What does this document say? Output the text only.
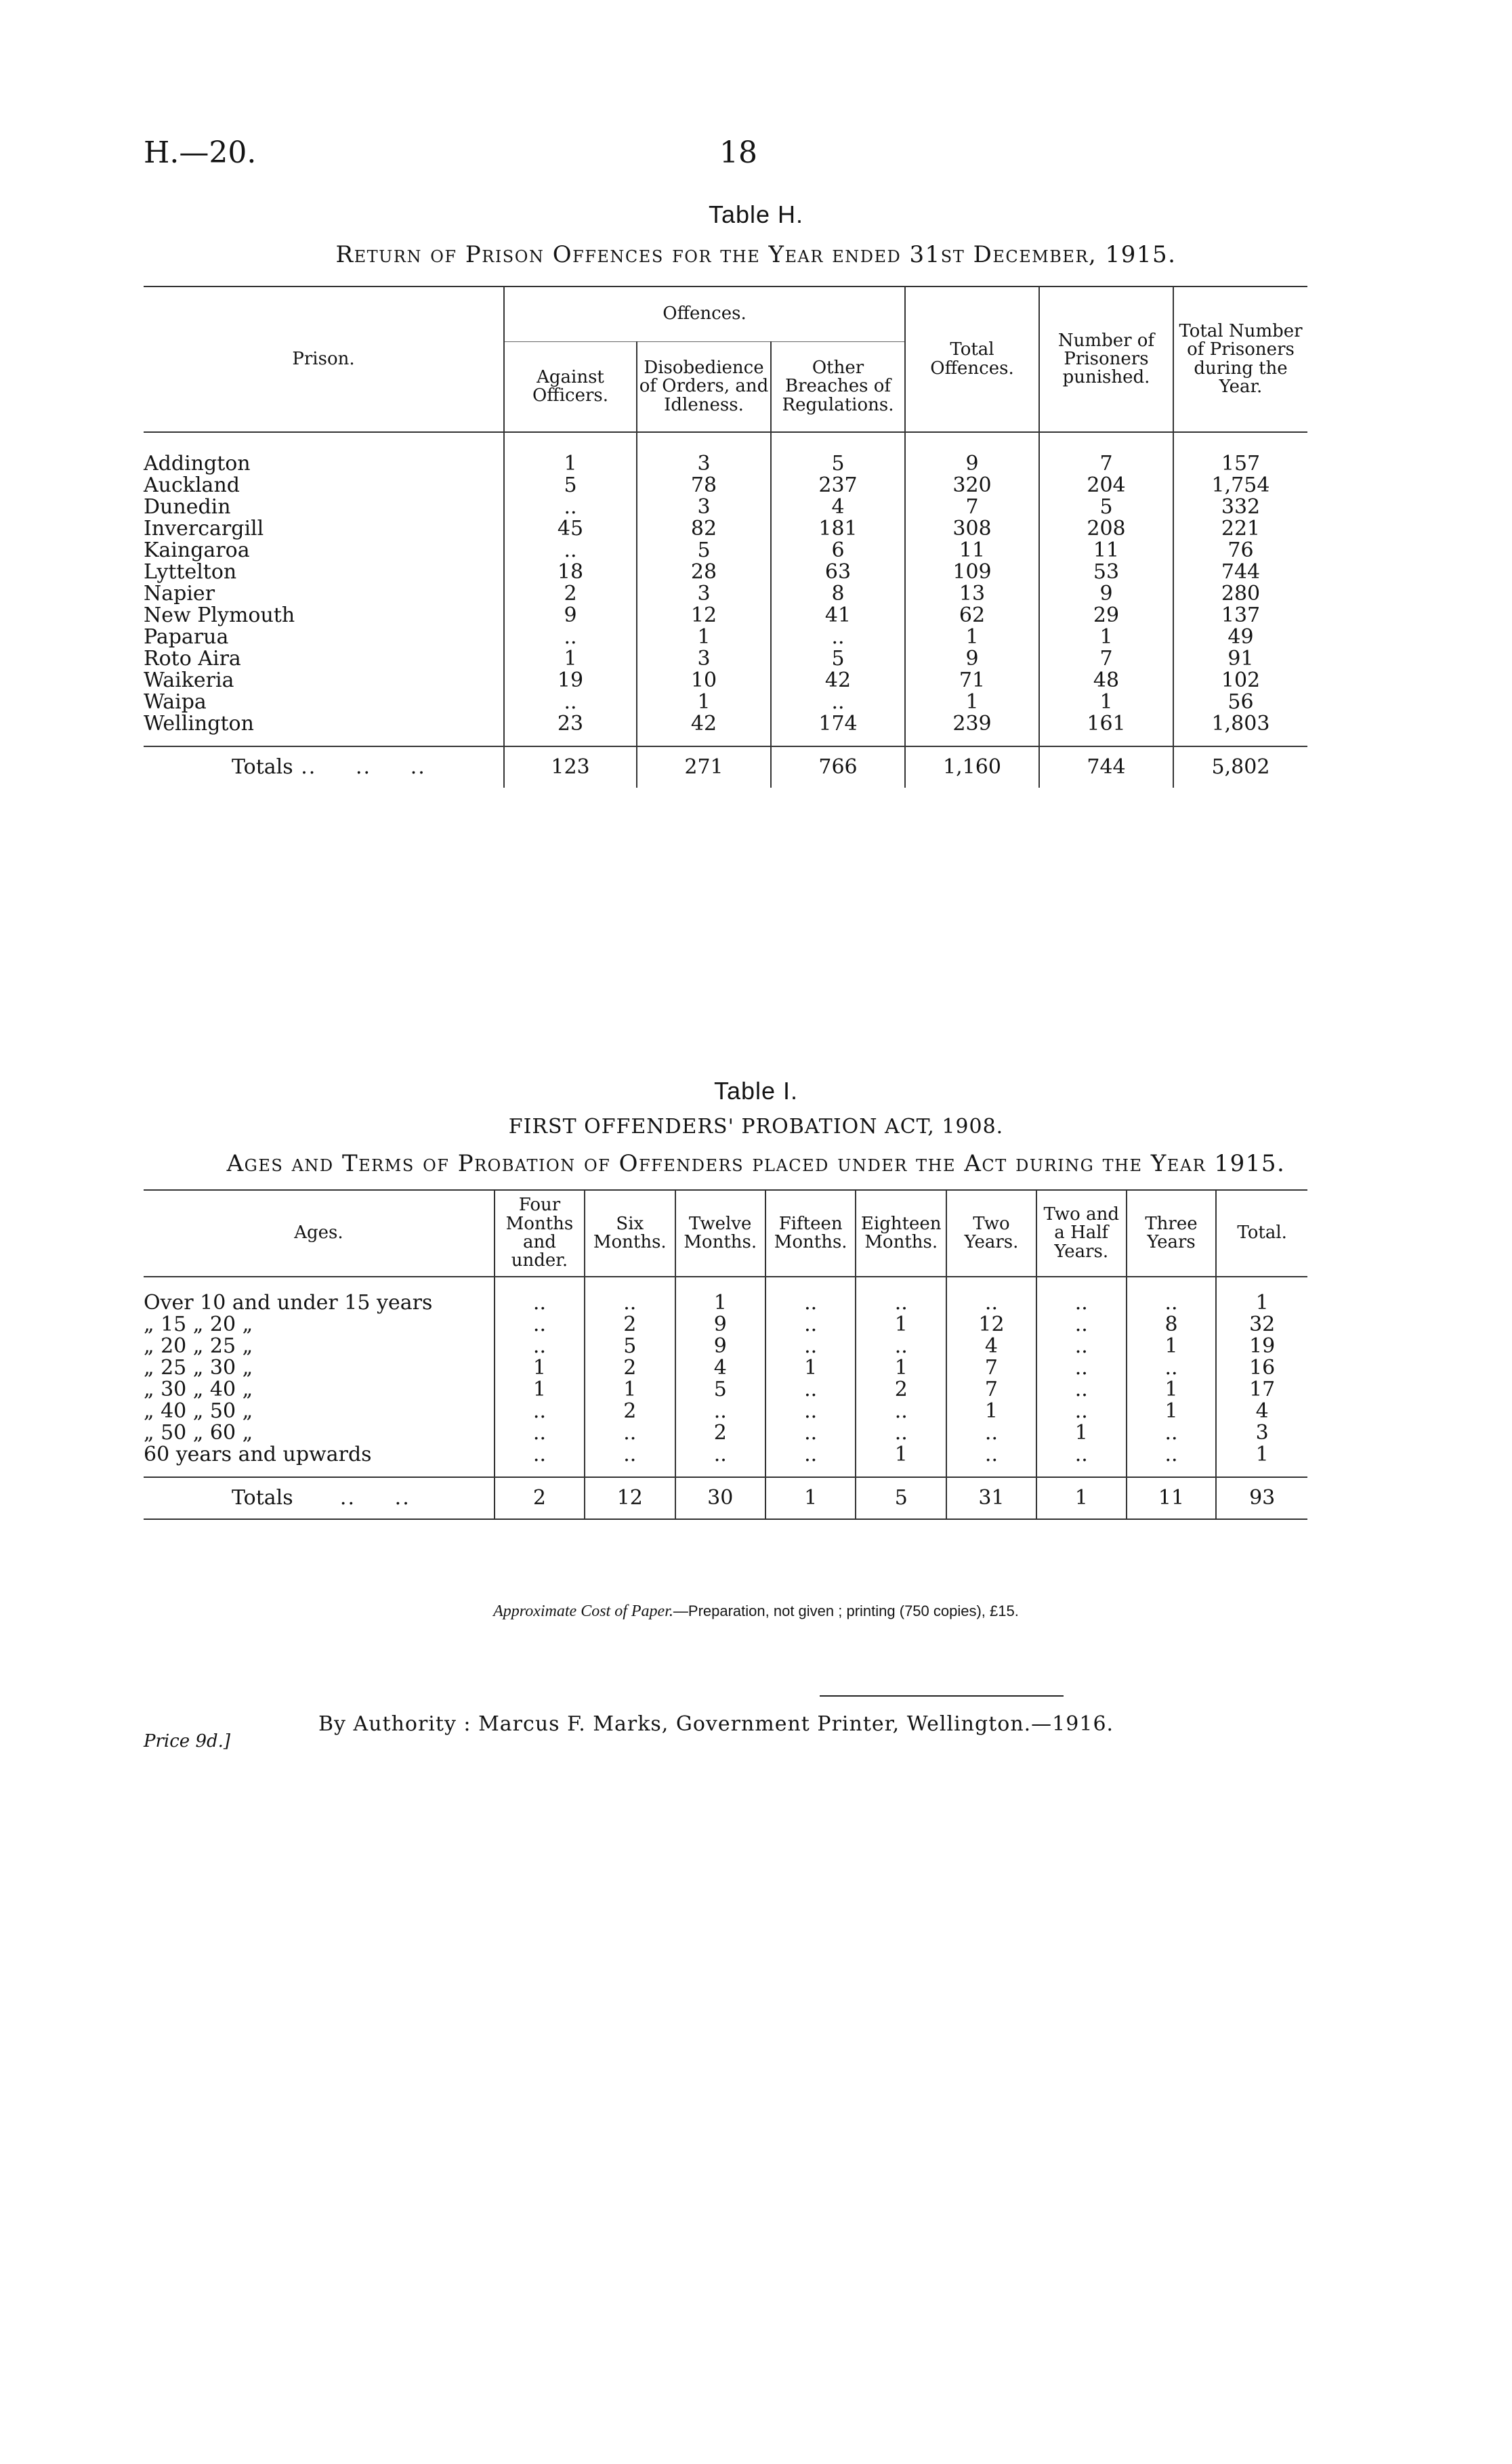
H.—20.	18
Table H.
Return of Prison Offences for the Year ended 31st December, 1915.
Prison.	Offences.			Total Offences.	Number of Prisoners punished.	Total Number of Prisoners during the Year.
	Against Officers.	Disobedience of Orders, and Idleness.	Other Breaches of Regulations.			

Addington	1	3	5	9	7	157
Auckland	5	78	237	320	204	1,754
Dunedin	..	3	4	7	5	332
Invercargill	45	82	181	308	208	221
Kaingaroa	..	5	6	11	11	76
Lyttelton	18	28	63	109	53	744
Napier	2	3	8	13	9	280
New Plymouth	9	12	41	62	29	137
Paparua	..	1	..	1	1	49
Roto Aira	1	3	5	9	7	91
Waikeria	19	10	42	71	48	102
Waipa	..	1	..	1	1	56
Wellington	23	42	174	239	161	1,803

Totals ..     ..     ..	123	271	766	1,160	744	5,802
Table I.
FIRST OFFENDERS' PROBATION ACT, 1908.
Ages and Terms of Probation of Offenders placed under the Act during the Year 1915.
Ages.	Four Months and under.	Six Months.	Twelve Months.	Fifteen Months.	Eighteen Months.	Two Years.	Two and a Half Years.	Three Years	Total.

Over 10 and under 15 years	..	..	1	..	..	..	..	..	1
„ 15 „ 20 „	..	2	9	..	1	12	..	8	32
„ 20 „ 25 „	..	5	9	..	..	4	..	1	19
„ 25 „ 30 „	1	2	4	1	1	7	..	..	16
„ 30 „ 40 „	1	1	5	..	2	7	..	1	17
„ 40 „ 50 „	..	2	..	..	..	1	..	1	4
„ 50 „ 60 „	..	..	2	..	..	..	1	..	3
60 years and upwards	..	..	..	..	1	..	..	..	1

Totals      ..     ..	2	12	30	1	5	31	1	11	93
Approximate Cost of Paper.—Preparation, not given ; printing (750 copies), £15.
By Authority : Marcus F. Marks, Government Printer, Wellington.—1916.
Price 9d.]
